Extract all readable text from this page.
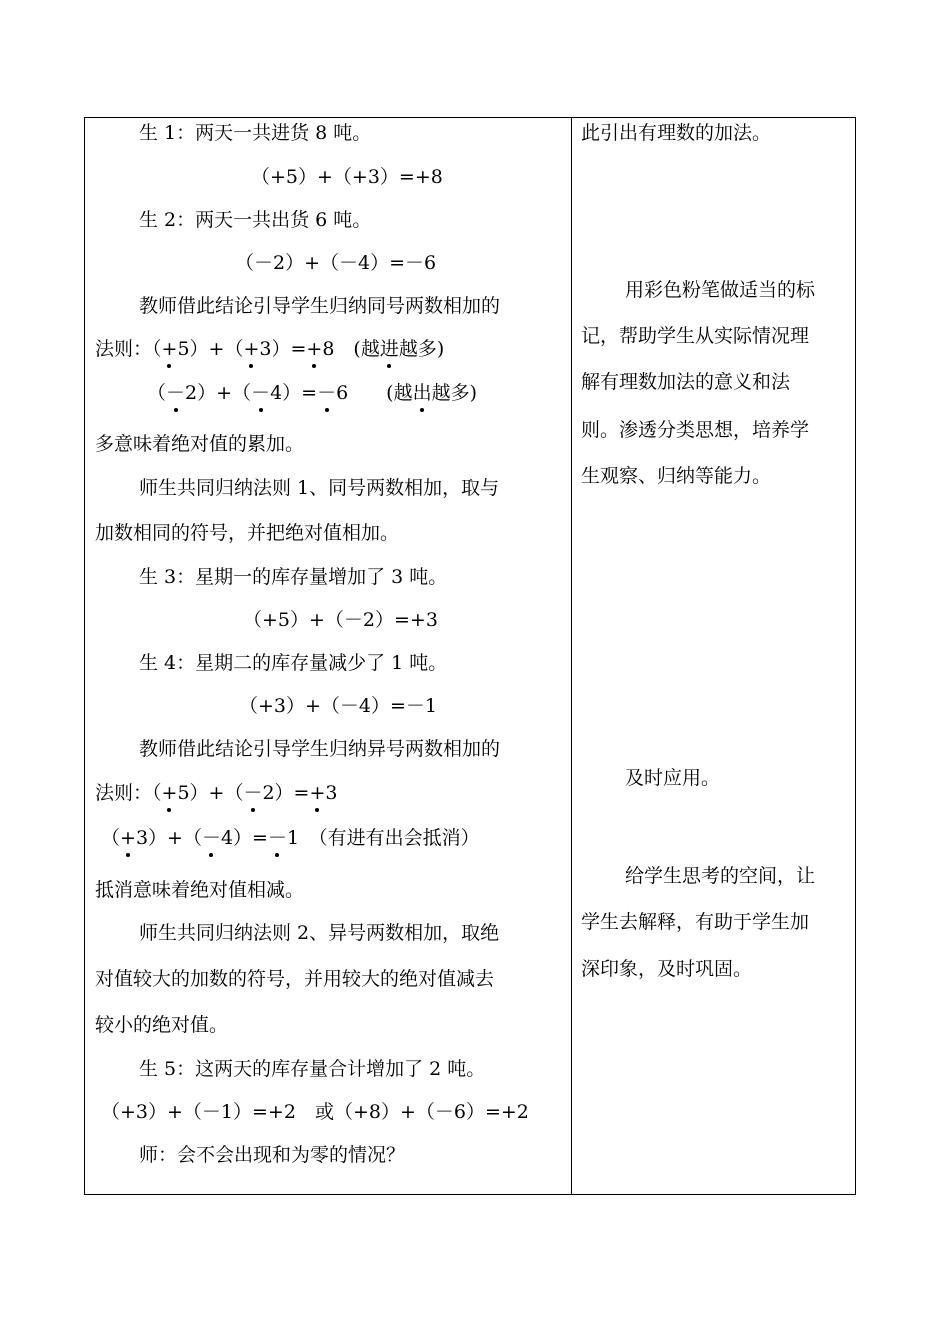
生 1：两天一共进货 8 吨。
（+5）+（+3）=+8
生 2：两天一共出货 6 吨。
（－2）+（－4）=－6
教师借此结论引导学生归纳同号两数相加的
法则：（+5）+（+3）=+8　(越进越多)
（－2）+（－4）=－6　　(越出越多)
多意味着绝对值的累加。
师生共同归纳法则 1、同号两数相加，取与
加数相同的符号，并把绝对值相加。
生 3：星期一的库存量增加了 3 吨。
（+5）+（－2）=+3
生 4：星期二的库存量减少了 1 吨。
（+3）+（－4）=－1
教师借此结论引导学生归纳异号两数相加的
法则：（+5）+（－2）=+3
（+3）+（－4）=－1　（有进有出会抵消）
抵消意味着绝对值相减。
师生共同归纳法则 2、异号两数相加，取绝
对值较大的加数的符号，并用较大的绝对值减去
较小的绝对值。
生 5：这两天的库存量合计增加了 2 吨。
（+3）+（－1）=+2　或（+8）+（－6）=+2
师：会不会出现和为零的情况？
此引出有理数的加法。
用彩色粉笔做适当的标
记，帮助学生从实际情况理
解有理数加法的意义和法
则。渗透分类思想，培养学
生观察、归纳等能力。
及时应用。
给学生思考的空间，让
学生去解释，有助于学生加
深印象，及时巩固。
